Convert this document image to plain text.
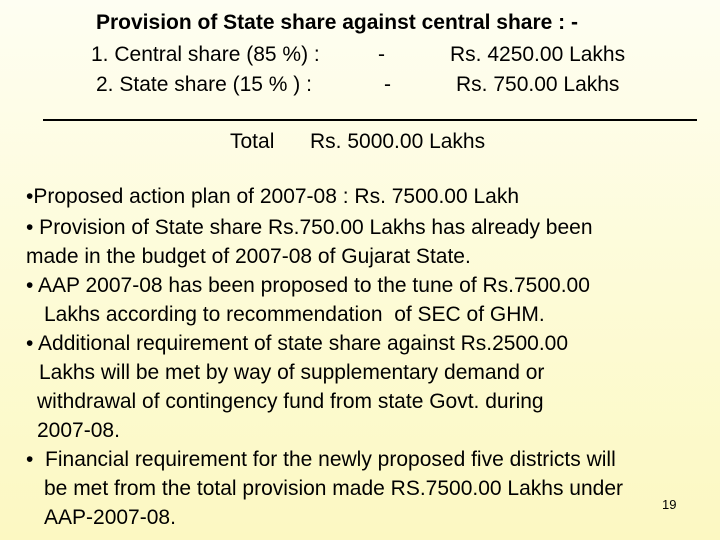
Provision of State share against central share : -
1. Central share (85 %) :	-	Rs. 4250.00 Lakhs
2. State share (15 % ) :	-	Rs. 750.00 Lakhs
Total Rs. 5000.00 Lakhs
•Proposed action plan of 2007-08 : Rs. 7500.00 Lakh
• Provision of State share Rs.750.00 Lakhs has already been
made in the budget of 2007-08 of Gujarat State.
• AAP 2007-08 has been proposed to the tune of Rs.7500.00
Lakhs according to recommendation  of SEC of GHM.
• Additional requirement of state share against Rs.2500.00
Lakhs will be met by way of supplementary demand or
withdrawal of contingency fund from state Govt. during
2007-08.
•  Financial requirement for the newly proposed five districts will
be met from the total provision made RS.7500.00 Lakhs under
AAP-2007-08.
19
